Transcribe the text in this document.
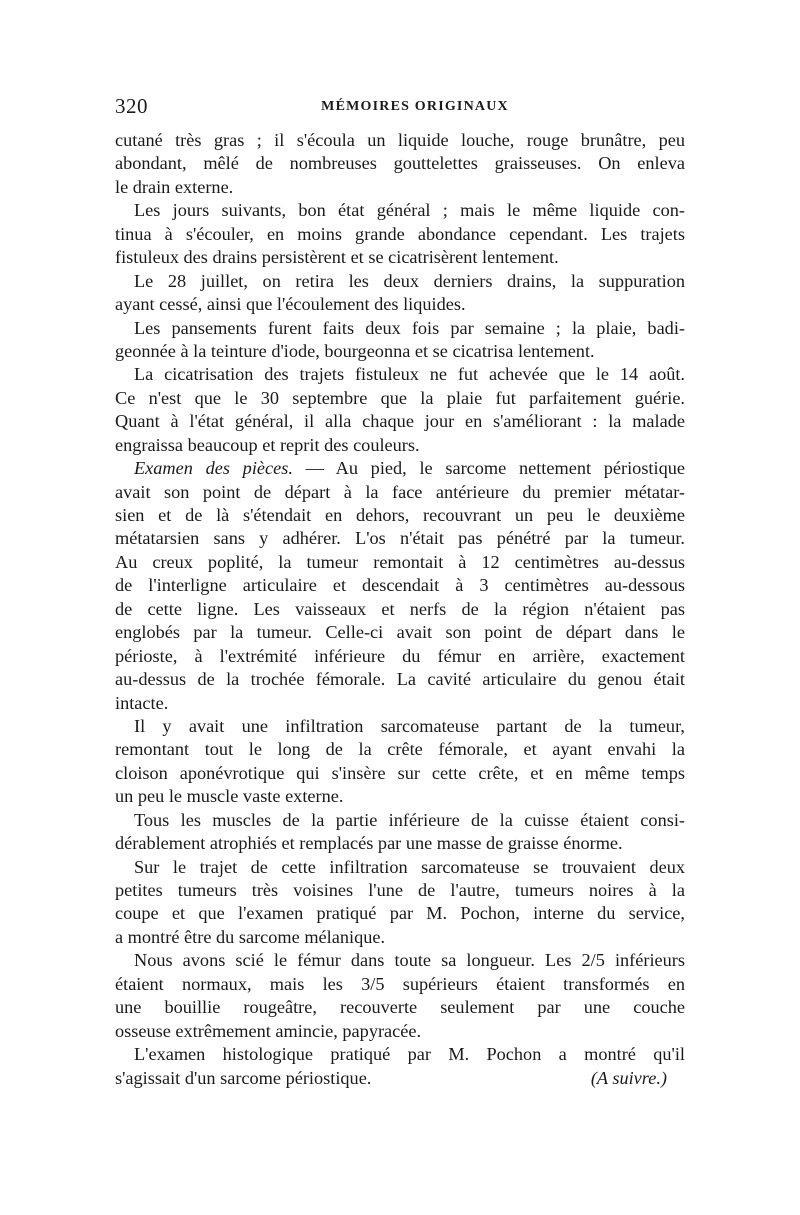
320	MÉMOIRES ORIGINAUX
cutané très gras ; il s'écoula un liquide louche, rouge brunâtre, peu
abondant, mêlé de nombreuses gouttelettes graisseuses. On enleva
le drain externe.
Les jours suivants, bon état général ; mais le même liquide con-
tinua à s'écouler, en moins grande abondance cependant. Les trajets
fistuleux des drains persistèrent et se cicatrisèrent lentement.
Le 28 juillet, on retira les deux derniers drains, la suppuration
ayant cessé, ainsi que l'écoulement des liquides.
Les pansements furent faits deux fois par semaine ; la plaie, badi-
geonnée à la teinture d'iode, bourgeonna et se cicatrisa lentement.
La cicatrisation des trajets fistuleux ne fut achevée que le 14 août.
Ce n'est que le 30 septembre que la plaie fut parfaitement guérie.
Quant à l'état général, il alla chaque jour en s'améliorant : la malade
engraissa beaucoup et reprit des couleurs.
Examen des pièces. — Au pied, le sarcome nettement périostique
avait son point de départ à la face antérieure du premier métatar-
sien et de là s'étendait en dehors, recouvrant un peu le deuxième
métatarsien sans y adhérer. L'os n'était pas pénétré par la tumeur.
Au creux poplité, la tumeur remontait à 12 centimètres au-dessus
de l'interligne articulaire et descendait à 3 centimètres au-dessous
de cette ligne. Les vaisseaux et nerfs de la région n'étaient pas
englobés par la tumeur. Celle-ci avait son point de départ dans le
périoste, à l'extrémité inférieure du fémur en arrière, exactement
au-dessus de la trochée fémorale. La cavité articulaire du genou était
intacte.
Il y avait une infiltration sarcomateuse partant de la tumeur,
remontant tout le long de la crête fémorale, et ayant envahi la
cloison aponévrotique qui s'insère sur cette crête, et en même temps
un peu le muscle vaste externe.
Tous les muscles de la partie inférieure de la cuisse étaient consi-
dérablement atrophiés et remplacés par une masse de graisse énorme.
Sur le trajet de cette infiltration sarcomateuse se trouvaient deux
petites tumeurs très voisines l'une de l'autre, tumeurs noires à la
coupe et que l'examen pratiqué par M. Pochon, interne du service,
a montré être du sarcome mélanique.
Nous avons scié le fémur dans toute sa longueur. Les 2/5 inférieurs
étaient normaux, mais les 3/5 supérieurs étaient transformés en
une bouillie rougeâtre, recouverte seulement par une couche
osseuse extrêmement amincie, papyracée.
L'examen histologique pratiqué par M. Pochon a montré qu'il
s'agissait d'un sarcome périostique.	(A suivre.)
